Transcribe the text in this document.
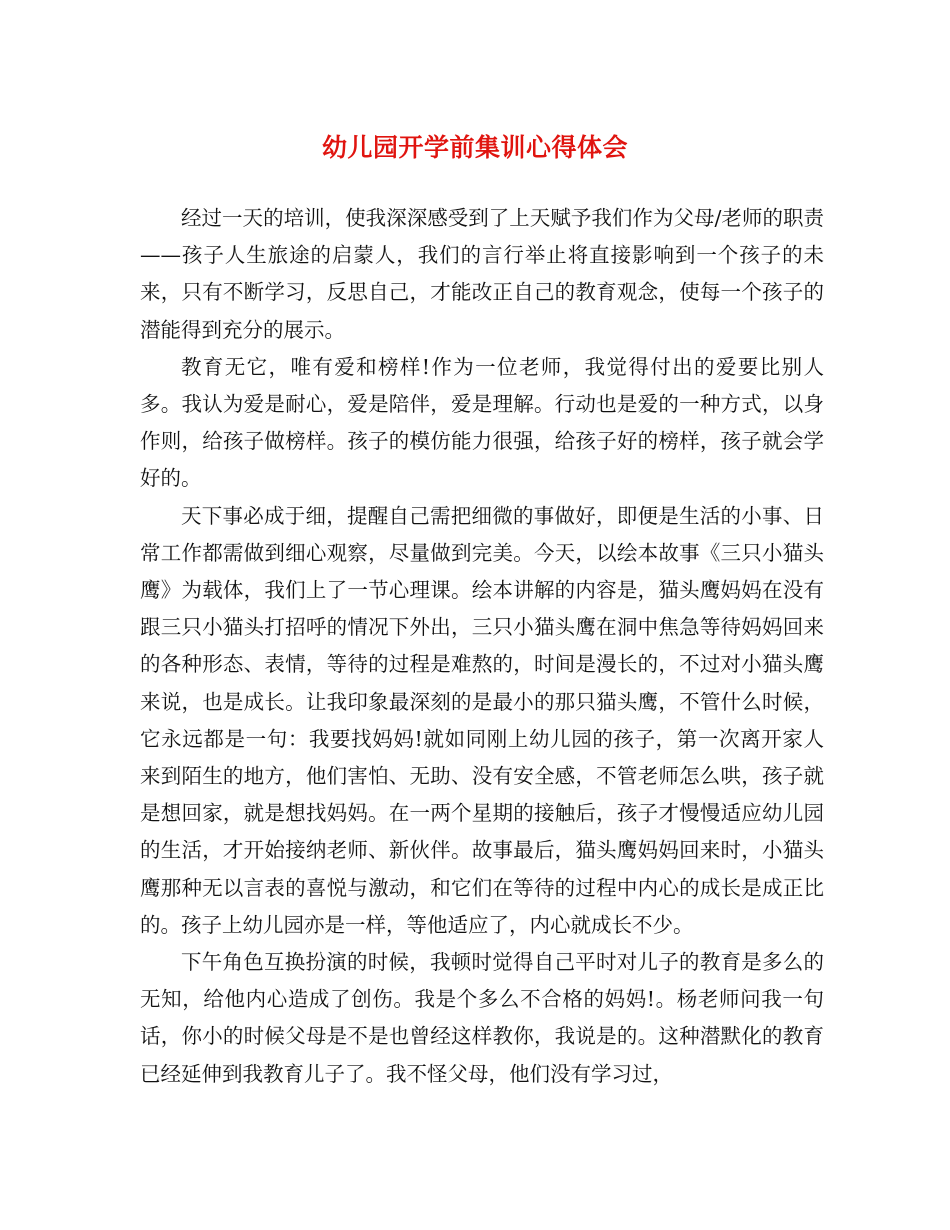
幼儿园开学前集训心得体会

经过一天的培训，使我深深感受到了上天赋予我们作为父母/老师的职责——孩子人生旅途的启蒙人，我们的言行举止将直接影响到一个孩子的未来，只有不断学习，反思自己，才能改正自己的教育观念，使每一个孩子的潜能得到充分的展示。

教育无它，唯有爱和榜样!作为一位老师，我觉得付出的爱要比别人多。我认为爱是耐心，爱是陪伴，爱是理解。行动也是爱的一种方式，以身作则，给孩子做榜样。孩子的模仿能力很强，给孩子好的榜样，孩子就会学好的。

天下事必成于细，提醒自己需把细微的事做好，即便是生活的小事、日常工作都需做到细心观察，尽量做到完美。今天，以绘本故事《三只小猫头鹰》为载体，我们上了一节心理课。绘本讲解的内容是，猫头鹰妈妈在没有跟三只小猫头打招呼的情况下外出，三只小猫头鹰在洞中焦急等待妈妈回来的各种形态、表情，等待的过程是难熬的，时间是漫长的，不过对小猫头鹰来说，也是成长。让我印象最深刻的是最小的那只猫头鹰，不管什么时候，它永远都是一句：我要找妈妈!就如同刚上幼儿园的孩子，第一次离开家人来到陌生的地方，他们害怕、无助、没有安全感，不管老师怎么哄，孩子就是想回家，就是想找妈妈。在一两个星期的接触后，孩子才慢慢适应幼儿园的生活，才开始接纳老师、新伙伴。故事最后，猫头鹰妈妈回来时，小猫头鹰那种无以言表的喜悦与激动，和它们在等待的过程中内心的成长是成正比的。孩子上幼儿园亦是一样，等他适应了，内心就成长不少。

下午角色互换扮演的时候，我顿时觉得自己平时对儿子的教育是多么的无知，给他内心造成了创伤。我是个多么不合格的妈妈!。杨老师问我一句话，你小的时候父母是不是也曾经这样教你，我说是的。这种潜默化的教育已经延伸到我教育儿子了。我不怪父母，他们没有学习过，
